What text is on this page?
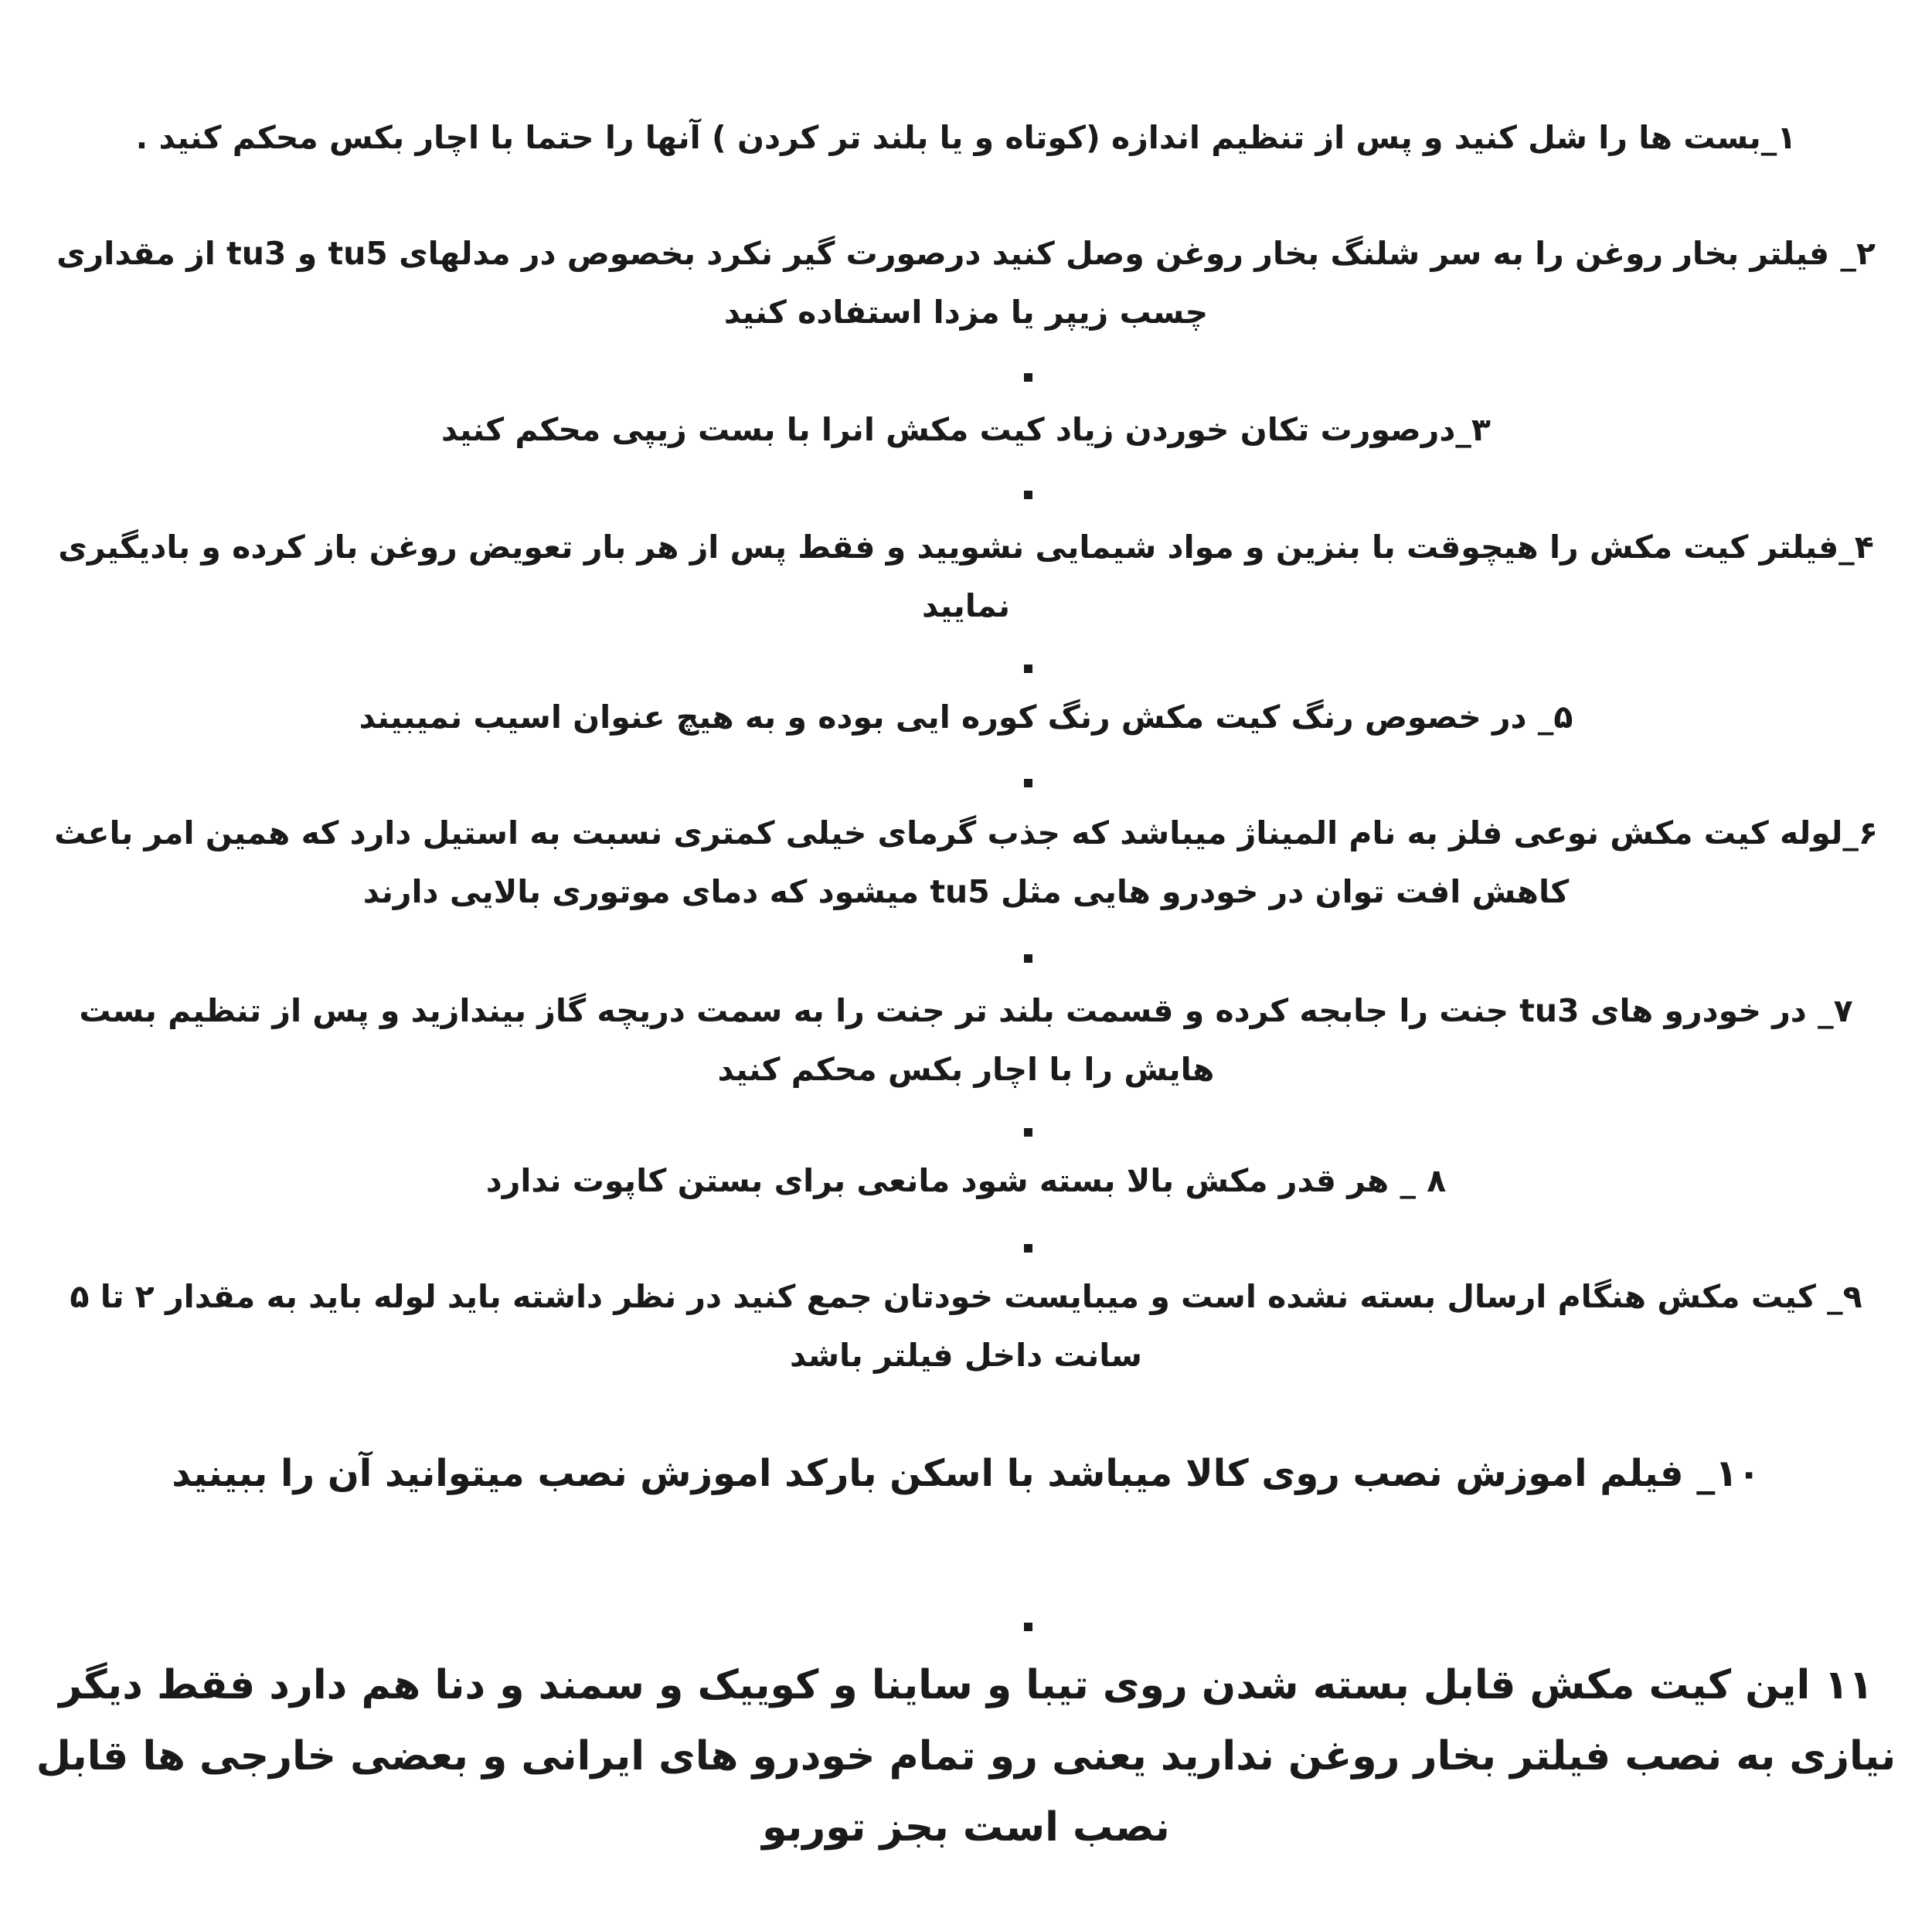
۱_بست ها را شل کنید و پس از تنظیم اندازه (کوتاه و یا بلند تر کردن ) آنها را حتما با اچار بکس محکم کنید .
۲_ فیلتر بخار روغن را به سر شلنگ بخار روغن وصل کنید درصورت گیر نکرد بخصوص در مدلهای tu5 و tu3 از مقداری چسب زیپر یا مزدا استفاده کنید
۳_درصورت تکان خوردن زیاد کیت مکش انرا با بست زیپی محکم کنید
۴_فیلتر کیت مکش را هیچوقت با بنزین و مواد شیمایی نشویید و فقط پس از هر بار تعویض روغن باز کرده و بادیگیری نمایید
۵_ در خصوص رنگ کیت مکش رنگ کوره ایی بوده و به هیچ عنوان اسیب نمیبیند
۶_لوله کیت مکش نوعی فلز به نام الميناژ میباشد که جذب گرمای خیلی کمتری نسبت به استیل دارد که همین امر باعث کاهش افت توان در خودرو هایی مثل tu5 میشود که دمای موتوری بالایی دارند
۷_ در خودرو های tu3 جنت را جابجه کرده و قسمت بلند تر جنت را به سمت دریچه گاز بیندازید و پس از تنظیم بست هایش را با اچار بکس محکم کنید
۸ _ هر قدر مکش بالا بسته شود مانعی برای بستن کاپوت ندارد
۹_ کیت مکش هنگام ارسال بسته نشده است و میبایست خودتان جمع کنید در نظر داشته باید لوله باید به مقدار ۲ تا ۵ سانت داخل فیلتر باشد
۱۰_ فیلم اموزش نصب روی کالا میباشد با اسکن بارکد اموزش نصب میتوانید آن را ببینید
۱۱ این کیت مکش قابل بسته شدن روی تیبا و ساینا و کوییک و سمند و دنا هم دارد فقط دیگر نیازی به نصب فیلتر بخار روغن ندارید یعنی رو تمام خودرو های ایرانی و بعضی خارجی ها قابل نصب است بجز توربو
